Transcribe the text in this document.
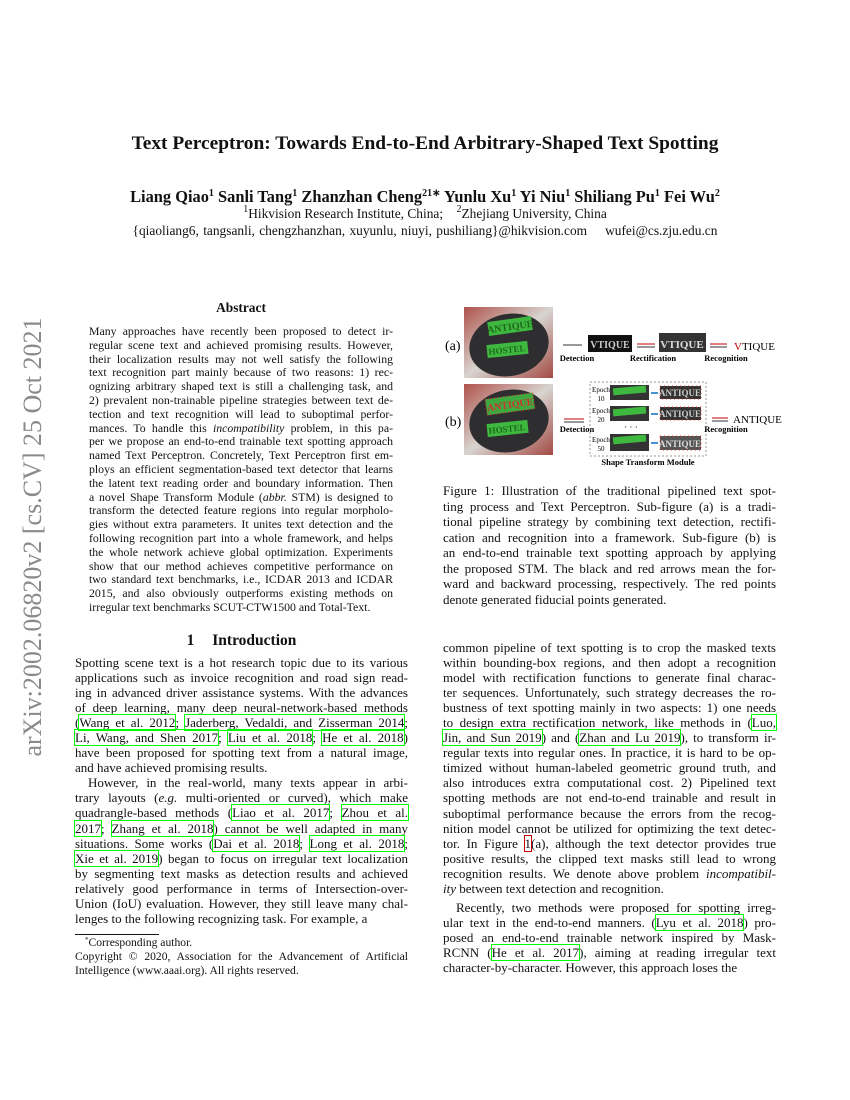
arXiv:2002.06820v2 [cs.CV] 25 Oct 2021
Text Perceptron: Towards End-to-End Arbitrary-Shaped Text Spotting
Liang Qiao$^1$ Sanli Tang$^1$ Zhanzhan Cheng$^{21∗}$ Yunlu Xu$^1$ Yi Niu$^1$ Shiliang Pu$^1$ Fei Wu$^2$
$^1$Hikvision Research Institute, China; $^2$Zhejiang University, China
{qiaoliang6, tangsanli, chengzhanzhan, xuyunlu, niuyi, pushiliang}@hikvision.com wufei@cs.zju.edu.cn
Abstract
Many approaches have recently been proposed to detect ir-
regular scene text and achieved promising results. However,
their localization results may not well satisfy the following
text recognition part mainly because of two reasons: 1) rec-
ognizing arbitrary shaped text is still a challenging task, and
2) prevalent non-trainable pipeline strategies between text de-
tection and text recognition will lead to suboptimal perfor-
mances. To handle this incompatibility problem, in this pa-
per we propose an end-to-end trainable text spotting approach
named Text Perceptron. Concretely, Text Perceptron first em-
ploys an efficient segmentation-based text detector that learns
the latent text reading order and boundary information. Then
a novel Shape Transform Module (abbr. STM) is designed to
transform the detected feature regions into regular morpholo-
gies without extra parameters. It unites text detection and the
following recognition part into a whole framework, and helps
the whole network achieve global optimization. Experiments
show that our method achieves competitive performance on
two standard text benchmarks, i.e., ICDAR 2013 and ICDAR
2015, and also obviously outperforms existing methods on
irregular text benchmarks SCUT-CTW1500 and Total-Text.
(a)
ANTIQUE
HOSTEL
Detection
VTIQUE
Rectification
VTIQUE	VTIQUE
Recognition
(b)
ANTIQUE
HOSTEL	Detection
Epoch
10
ANTIQUE
Epoch
20
ANTIQUE
· · ·
Epoch
50	ANTIQUE
ANTIQUE
Recognition
Shape Transform Module
Figure 1: Illustration of the traditional pipelined text spot-
ting process and Text Perceptron. Sub-figure (a) is a tradi-
tional pipeline strategy by combining text detection, rectifi-
cation and recognition into a framework. Sub-figure (b) is
an end-to-end trainable text spotting approach by applying
the proposed STM. The black and red arrows mean the for-
ward and backward processing, respectively. The red points
denote generated fiducial points generated.
1 Introduction
Spotting scene text is a hot research topic due to its various
applications such as invoice recognition and road sign read-
ing in advanced driver assistance systems. With the advances
of deep learning, many deep neural-network-based methods
(Wang et al. 2012; Jaderberg, Vedaldi, and Zisserman 2014;
Li, Wang, and Shen 2017; Liu et al. 2018; He et al. 2018)
have been proposed for spotting text from a natural image,
and have achieved promising results.
However, in the real-world, many texts appear in arbi-
trary layouts (e.g. multi-oriented or curved), which make
quadrangle-based methods (Liao et al. 2017; Zhou et al.
2017; Zhang et al. 2018) cannot be well adapted in many
situations. Some works (Dai et al. 2018; Long et al. 2018;
Xie et al. 2019) began to focus on irregular text localization
by segmenting text masks as detection results and achieved
relatively good performance in terms of Intersection-over-
Union (IoU) evaluation. However, they still leave many chal-
lenges to the following recognizing task. For example, a
common pipeline of text spotting is to crop the masked texts
within bounding-box regions, and then adopt a recognition
model with rectification functions to generate final charac-
ter sequences. Unfortunately, such strategy decreases the ro-
bustness of text spotting mainly in two aspects: 1) one needs
to design extra rectification network, like methods in (Luo,
Jin, and Sun 2019) and (Zhan and Lu 2019), to transform ir-
regular texts into regular ones. In practice, it is hard to be op-
timized without human-labeled geometric ground truth, and
also introduces extra computational cost. 2) Pipelined text
spotting methods are not end-to-end trainable and result in
suboptimal performance because the errors from the recog-
nition model cannot be utilized for optimizing the text detec-
tor. In Figure 1(a), although the text detector provides true
positive results, the clipped text masks still lead to wrong
recognition results. We denote above problem incompatibil-
ity between text detection and recognition.
Recently, two methods were proposed for spotting irreg-
ular text in the end-to-end manners. (Lyu et al. 2018) pro-
posed an end-to-end trainable network inspired by Mask-
RCNN (He et al. 2017), aiming at reading irregular text
character-by-character. However, this approach loses the
*Corresponding author.
Copyright © 2020, Association for the Advancement of Artificial
Intelligence (www.aaai.org). All rights reserved.
